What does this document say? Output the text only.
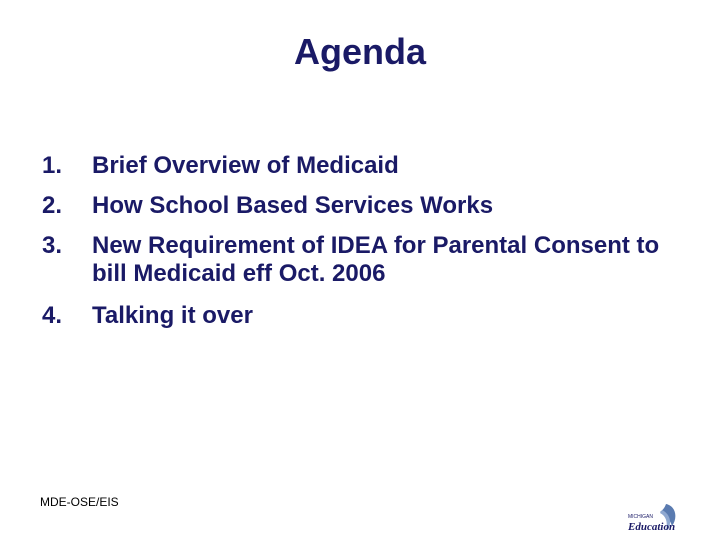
Agenda
1.	Brief Overview of Medicaid
2.	How School Based Services Works
3.	New Requirement of IDEA for Parental Consent to bill Medicaid eff Oct. 2006
4.	Talking it over
MDE-OSE/EIS
MICHIGAN
Education
